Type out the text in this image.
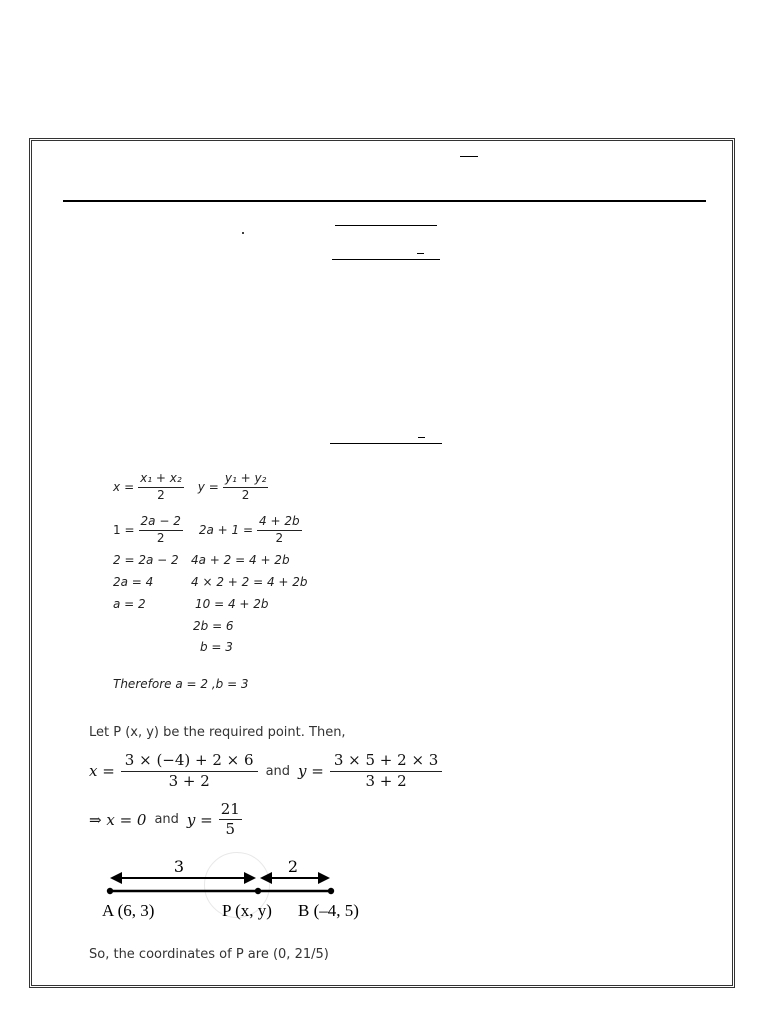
$x = \frac{\text{x₁ + x₂}}{2}$ $y = \frac{\text{y₁ + y₂}}{2}$
$1 = \frac{2a - 2}{2} 2a + 1 = \frac{4 + 2b}{2}$
2 = 2a − 2 4a + 2 = 4 + 2b
2a = 4	4 × 2 + 2 = 4 + 2b
a = 2	10 = 4 + 2b
2b = 6
b = 3
Therefore a = 2 ,b = 3
Let P (x, y) be the required point. Then,
$x = \frac{3 \times (-4) + 2 \times 6}{3 + 2}$ and $y = \frac{3 \times 5 + 2 \times 3}{3 + 2}$
⇒ x = 0 and $y = \frac{21}{5}$
3	2
A (6, 3)	P (x, y) B (–4, 5)
So, the coordinates of P are (0, 21/5)
